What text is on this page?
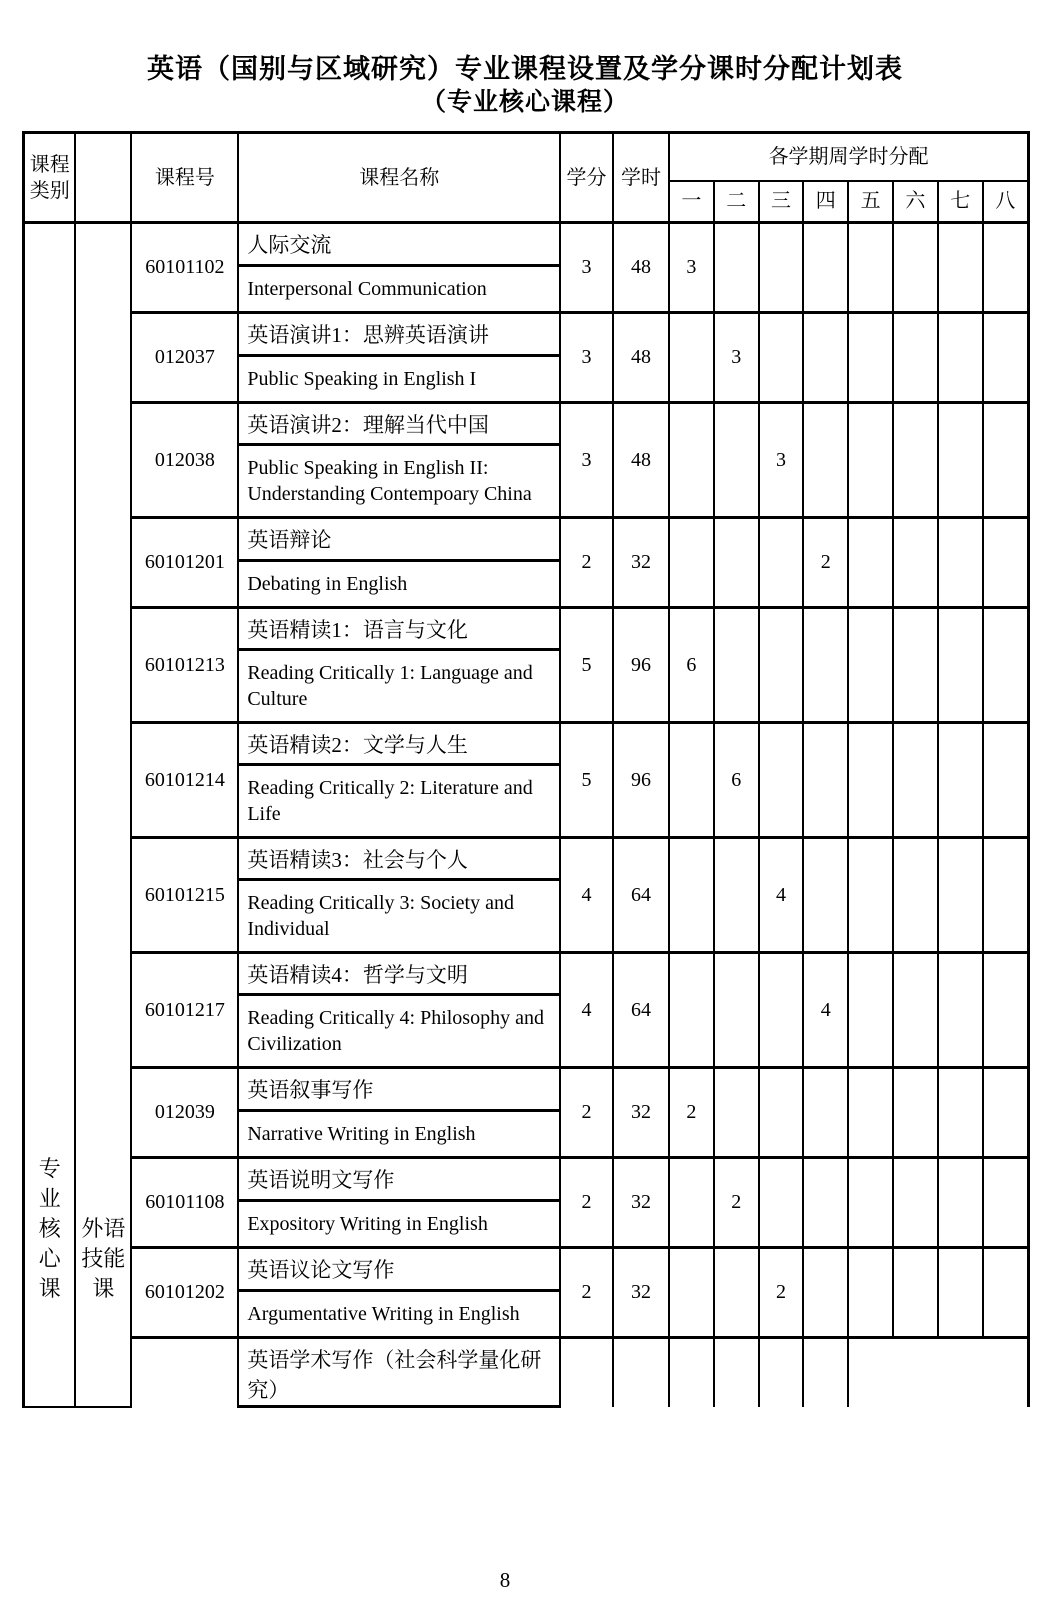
英语（国别与区域研究）专业课程设置及学分课时分配计划表
（专业核心课程）
课程类别		课程号	课程名称	学分	学时	各学期周学时分配							
						一	二	三	四	五	六	七	八
专业核心课	外语技能课	60101102	人际交流	3	48	3							
			Interpersonal Communication										
		012037	英语演讲1：思辨英语演讲	3	48		3						
			Public Speaking in English I										
		012038	英语演讲2：理解当代中国	3	48			3					
			Public Speaking in English II: Understanding Contempoary China										
		60101201	英语辩论	2	32				2				
			Debating in English										
		60101213	英语精读1：语言与文化	5	96	6							
			Reading Critically 1: Language and Culture										
		60101214	英语精读2：文学与人生	5	96		6						
			Reading Critically 2: Literature and Life										
		60101215	英语精读3：社会与个人	4	64			4					
			Reading Critically 3: Society and Individual										
		60101217	英语精读4：哲学与文明	4	64				4				
			Reading Critically 4: Philosophy and Civilization										
		012039	英语叙事写作	2	32	2							
			Narrative Writing in English										
		60101108	英语说明文写作	2	32		2						
			Expository Writing in English										
		60101202	英语议论文写作	2	32			2					
			Argumentative Writing in English										
			英语学术写作（社会科学量化研究）										
8
